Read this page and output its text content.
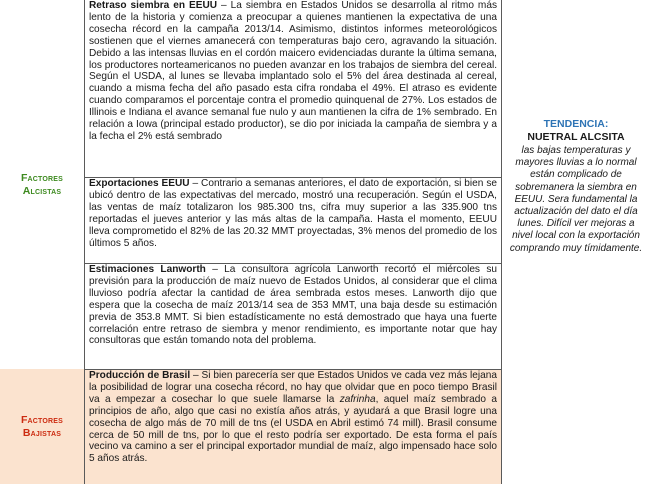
Factores
Alcistas
Factores
Bajistas
Retraso siembra en EEUU – La siembra en Estados Unidos se desarrolla al ritmo más lento de la historia y comienza a preocupar a quienes mantienen la expectativa de una cosecha récord en la campaña 2013/14. Asimismo, distintos informes meteorológicos sostienen que el viernes amanecerá con temperaturas bajo cero, agravando la situación. Debido a las intensas lluvias en el cordón maicero evidenciadas durante la última semana, los productores norteamericanos no pueden avanzar en los trabajos de siembra del cereal. Según el USDA, al lunes se llevaba implantado solo el 5% del área destinada al cereal, cuando a misma fecha del año pasado esta cifra rondaba el 49%. El atraso es evidente cuando comparamos el porcentaje contra el promedio quinquenal de 27%. Los estados de Illinois e Indiana el avance semanal fue nulo y aun mantienen la cifra de 1% sembrado. En relación a Iowa (principal estado productor), se dio por iniciada la campaña de siembra y a la fecha el 2% está sembrado
Exportaciones EEUU – Contrario a semanas anteriores, el dato de exportación, si bien se ubicó dentro de las expectativas del mercado, mostró una recuperación. Según el USDA, las ventas de maíz totalizaron los 985.300 tns, cifra muy superior a las 335.900 tns reportadas el jueves anterior y las más altas de la campaña. Hasta el momento, EEUU lleva comprometido el 82% de las 20.32 MMT proyectadas, 3% menos del promedio de los últimos 5 años.
Estimaciones Lanworth – La consultora agrícola Lanworth recortó el miércoles su previsión para la producción de maíz nuevo de Estados Unidos, al considerar que el clima lluvioso podría afectar la cantidad de área sembrada estos meses. Lanworth dijo que espera que la cosecha de maíz 2013/14 sea de 353 MMT, una baja desde su estimación previa de 353.8 MMT. Si bien estadísticamente no está demostrado que haya una fuerte correlación entre retraso de siembra y menor rendimiento, es importante notar que hay consultoras que están tomando nota del problema.
Producción de Brasil – Si bien parecería ser que Estados Unidos ve cada vez más lejana la posibilidad de lograr una cosecha récord, no hay que olvidar que en poco tiempo Brasil va a empezar a cosechar lo que suele llamarse la zafrinha, aquel maíz sembrado a principios de año, algo que casi no existía años atrás, y ayudará a que Brasil logre una cosecha de algo más de 70 mill de tns (el USDA en Abril estimó 74 mill). Brasil consume cerca de 50 mill de tns, por lo que el resto podría ser exportado. De esta forma el país vecino va camino a ser el principal exportador mundial de maíz, algo impensado hace solo 5 años atrás.
TENDENCIA:
NUETRAL ALCSITA
las bajas temperaturas y mayores lluvias a lo normal están complicado de sobremanera la siembra en EEUU. Sera fundamental la actualización del dato el día lunes. Difícil ver mejoras a nivel local con la exportación comprando muy tímidamente.
